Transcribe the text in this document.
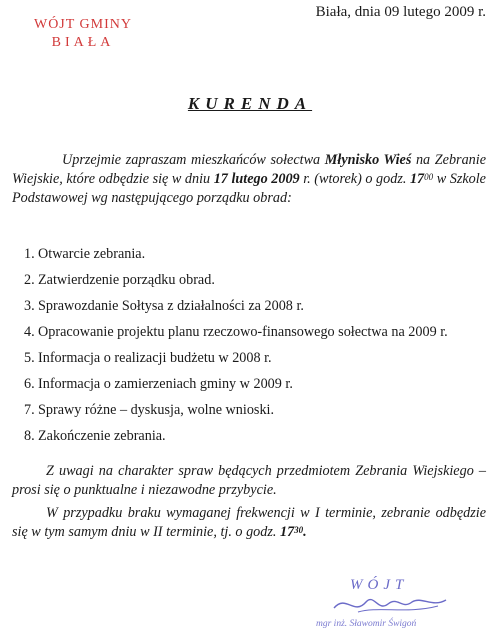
WÓJT GMINY
BIAŁA
Biała, dnia 09 lutego 2009 r.
KURENDA
Uprzejmie zapraszam mieszkańców sołectwa Młynisko Wieś na Zebranie Wiejskie, które odbędzie się w dniu 17 lutego 2009 r. (wtorek) o godz. $17^{00}$ w Szkole Podstawowej wg następującego porządku obrad:
1. Otwarcie zebrania.
2. Zatwierdzenie porządku obrad.
3. Sprawozdanie Sołtysa z działalności za 2008 r.
4. Opracowanie projektu planu rzeczowo-finansowego sołectwa na 2009 r.
5. Informacja o realizacji budżetu w 2008 r.
6. Informacja o zamierzeniach gminy w 2009 r.
7. Sprawy różne – dyskusja, wolne wnioski.
8. Zakończenie zebrania.
Z uwagi na charakter spraw będących przedmiotem Zebrania Wiejskiego – prosi się o punktualne i niezawodne przybycie.
W przypadku braku wymaganej frekwencji w I terminie, zebranie odbędzie się w tym samym dniu w II terminie, tj. o godz. $17^{30}$.
WÓJT
mgr inż. Sławomir Świgoń
